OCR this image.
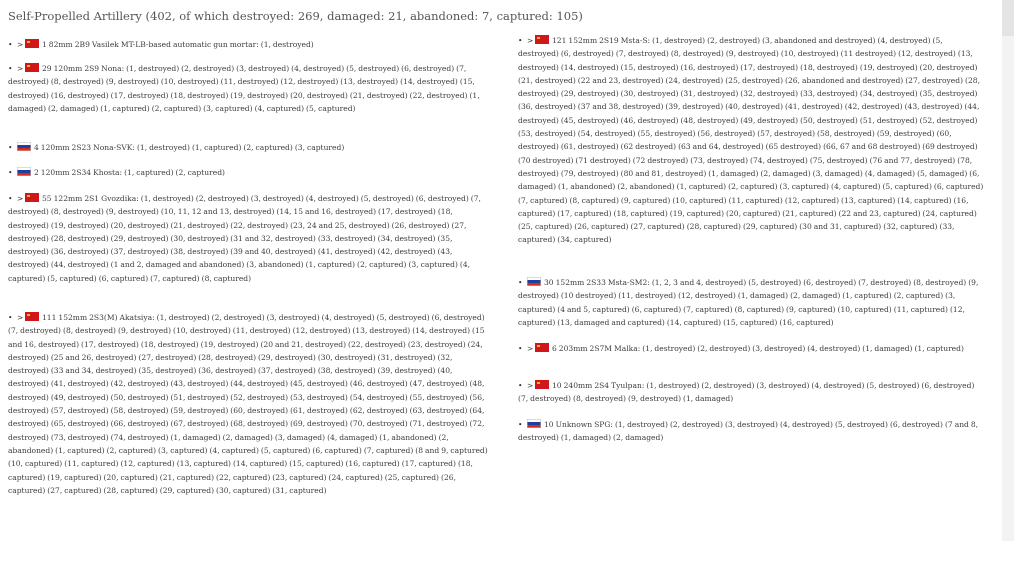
Self-Propelled Artillery (402, of which destroyed: 269, damaged: 21, abandoned: 7, captured: 105)
• > 1 82mm 2B9 Vasilek MT-LB-based automatic gun mortar: (1, destroyed)
• > 29 120mm 2S9 Nona: (1, destroyed) (2, destroyed) (3, destroyed) (4, destroyed) (5, destroyed) (6, destroyed) (7, destroyed) (8, destroyed) (9, destroyed) (10, destroyed) (11, destroyed) (12, destroyed) (13, destroyed) (14, destroyed) (15, destroyed) (16, destroyed) (17, destroyed) (18, destroyed) (19, destroyed) (20, destroyed) (21, destroyed) (22, destroyed) (1, damaged) (2, damaged) (1, captured) (2, captured) (3, captured) (4, captured) (5, captured)
•	4 120mm 2S23 Nona-SVK: (1, destroyed) (1, captured) (2, captured) (3, captured)
•	2 120mm 2S34 Khosta: (1, captured) (2, captured)
• > 55 122mm 2S1 Gvozdika: (1, destroyed) (2, destroyed) (3, destroyed) (4, destroyed) (5, destroyed) (6, destroyed) (7, destroyed) (8, destroyed) (9, destroyed) (10, 11, 12 and 13, destroyed) (14, 15 and 16, destroyed) (17, destroyed) (18, destroyed) (19, destroyed) (20, destroyed) (21, destroyed) (22, destroyed) (23, 24 and 25, destroyed) (26, destroyed) (27, destroyed) (28, destroyed) (29, destroyed) (30, destroyed) (31 and 32, destroyed) (33, destroyed) (34, destroyed) (35, destroyed) (36, destroyed) (37, destroyed) (38, destroyed) (39 and 40, destroyed) (41, destroyed) (42, destroyed) (43, destroyed) (44, destroyed) (1 and 2, damaged and abandoned) (3, abandoned) (1, captured) (2, captured) (3, captured) (4, captured) (5, captured) (6, captured) (7, captured) (8, captured)
• > 111 152mm 2S3(M) Akatsiya: (1, destroyed) (2, destroyed) (3, destroyed) (4, destroyed) (5, destroyed) (6, destroyed) (7, destroyed) (8, destroyed) (9, destroyed) (10, destroyed) (11, destroyed) (12, destroyed) (13, destroyed) (14, destroyed) (15 and 16, destroyed) (17, destroyed) (18, destroyed) (19, destroyed) (20 and 21, destroyed) (22, destroyed) (23, destroyed) (24, destroyed) (25 and 26, destroyed) (27, destroyed) (28, destroyed) (29, destroyed) (30, destroyed) (31, destroyed) (32, destroyed) (33 and 34, destroyed) (35, destroyed) (36, destroyed) (37, destroyed) (38, destroyed) (39, destroyed) (40, destroyed) (41, destroyed) (42, destroyed) (43, destroyed) (44, destroyed) (45, destroyed) (46, destroyed) (47, destroyed) (48, destroyed) (49, destroyed) (50, destroyed) (51, destroyed) (52, destroyed) (53, destroyed) (54, destroyed) (55, destroyed) (56, destroyed) (57, destroyed) (58, destroyed) (59, destroyed) (60, destroyed) (61, destroyed) (62, destroyed) (63, destroyed) (64, destroyed) (65, destroyed) (66, destroyed) (67, destroyed) (68, destroyed) (69, destroyed) (70, destroyed) (71, destroyed) (72, destroyed) (73, destroyed) (74, destroyed) (1, damaged) (2, damaged) (3, damaged) (4, damaged) (1, abandoned) (2, abandoned) (1, captured) (2, captured) (3, captured) (4, captured) (5, captured) (6, captured) (7, captured) (8 and 9, captured) (10, captured) (11, captured) (12, captured) (13, captured) (14, captured) (15, captured) (16, captured) (17, captured) (18, captured) (19, captured) (20, captured) (21, captured) (22, captured) (23, captured) (24, captured) (25, captured) (26, captured) (27, captured) (28, captured) (29, captured) (30, captured) (31, captured)
• > 121 152mm 2S19 Msta-S: (1, destroyed) (2, destroyed) (3, abandoned and destroyed) (4, destroyed) (5, destroyed) (6, destroyed) (7, destroyed) (8, destroyed) (9, destroyed) (10, destroyed) (11 destroyed) (12, destroyed) (13, destroyed) (14, destroyed) (15, destroyed) (16, destroyed) (17, destroyed) (18, destroyed) (19, destroyed) (20, destroyed) (21, destroyed) (22 and 23, destroyed) (24, destroyed) (25, destroyed) (26, abandoned and destroyed) (27, destroyed) (28, destroyed) (29, destroyed) (30, destroyed) (31, destroyed) (32, destroyed) (33, destroyed) (34, destroyed) (35, destroyed) (36, destroyed) (37 and 38, destroyed) (39, destroyed) (40, destroyed) (41, destroyed) (42, destroyed) (43, destroyed) (44, destroyed) (45, destroyed) (46, destroyed) (48, destroyed) (49, destroyed) (50, destroyed) (51, destroyed) (52, destroyed) (53, destroyed) (54, destroyed) (55, destroyed) (56, destroyed) (57, destroyed) (58, destroyed) (59, destroyed) (60, destroyed) (61, destroyed) (62 destroyed) (63 and 64, destroyed) (65 destroyed) (66, 67 and 68 destroyed) (69 destroyed) (70 destroyed) (71 destroyed) (72 destroyed) (73, destroyed) (74, destroyed) (75, destroyed) (76 and 77, destroyed) (78, destroyed) (79, destroyed) (80 and 81, destroyed) (1, damaged) (2, damaged) (3, damaged) (4, damaged) (5, damaged) (6, damaged) (1, abandoned) (2, abandoned) (1, captured) (2, captured) (3, captured) (4, captured) (5, captured) (6, captured) (7, captured) (8, captured) (9, captured) (10, captured) (11, captured) (12, captured) (13, captured) (14, captured) (16, captured) (17, captured) (18, captured) (19, captured) (20, captured) (21, captured) (22 and 23, captured) (24, captured) (25, captured) (26, captured) (27, captured) (28, captured) (29, captured) (30 and 31, captured) (32, captured) (33, captured) (34, captured)
•	30 152mm 2S33 Msta-SM2: (1, 2, 3 and 4, destroyed) (5, destroyed) (6, destroyed) (7, destroyed) (8, destroyed) (9, destroyed) (10 destroyed) (11, destroyed) (12, destroyed) (1, damaged) (2, damaged) (1, captured) (2, captured) (3, captured) (4 and 5, captured) (6, captured) (7, captured) (8, captured) (9, captured) (10, captured) (11, captured) (12, captured) (13, damaged and captured) (14, captured) (15, captured) (16, captured)
• > 6 203mm 2S7M Malka: (1, destroyed) (2, destroyed) (3, destroyed) (4, destroyed) (1, damaged) (1, captured)
• > 10 240mm 2S4 Tyulpan: (1, destroyed) (2, destroyed) (3, destroyed) (4, destroyed) (5, destroyed) (6, destroyed) (7, destroyed) (8, destroyed) (9, destroyed) (1, damaged)
•	10 Unknown SPG: (1, destroyed) (2, destroyed) (3, destroyed) (4, destroyed) (5, destroyed) (6, destroyed) (7 and 8, destroyed) (1, damaged) (2, damaged)
